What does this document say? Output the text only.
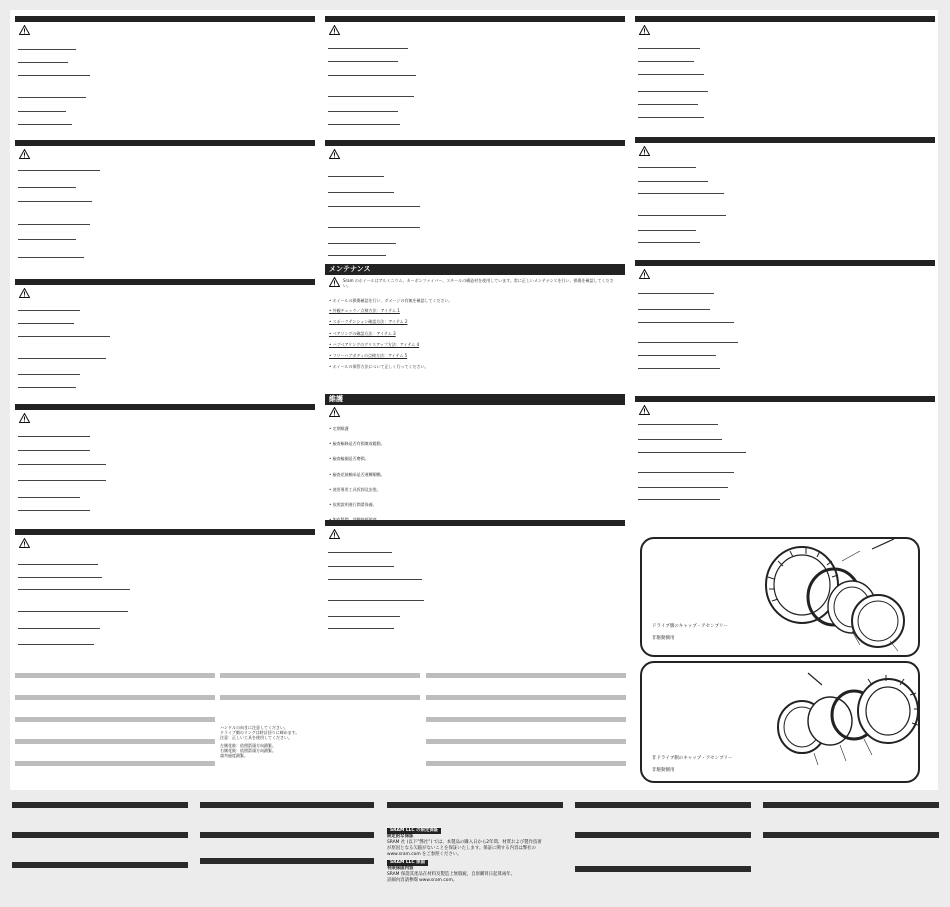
メンテナンス
Sram のホイールはアルミニウム、カーボンファイバー、スチールの構造材を使用しています。常に正しいメンテナンスを行い、損傷を確認してください。
• ホイールの損傷確認を行い、ダメージの有無を確認してください。
• 外観チェック／点検方法：アイテム 1
• スポークテンション確認方法：アイテム 2
• ベアリングの確認方法：アイテム 3
• ハブベアリングのグリスアップ方法：アイテム 4
• フリーハブボディの点検方法：アイテム 5
• ホイールの保管方法について正しく行ってください。
維護
• 定期維護
• 檢查輻條是否有損壞或鬆動。
• 檢查輪圈是否磨損。
• 檢查花鼓軸承是否運轉順暢。
• 使用專用工具拆卸及安裝。
• 依照說明進行潤滑保養。
ドライブ側のキャップ・アセンブリー
非駆動側用
非ドライブ側のキャップ・アセンブリー
非駆動側用
ハンドルの向きに注意してください。
ドライブ側のリングは時計回りに締めます。
注意：正しい工具を使用してください。
左側花鼓：依照箭頭方向鎖緊。
右側花鼓：依照箭頭方向鎖緊。
請勿過度鎖緊。
SRAM LLC の限定保証
限定的な保証
SRAM 社 (以下”弊社”) では、本製品の購入日から2年間、材質および製作技術
が原因となる欠陥がないことを保証いたします。保証に関する内容は弊社の
www.sram.com をご参照ください。
SRAM LLC 保固
有限保固內容
SRAM 保證其產品在材料及製造上無瑕疵，自原購買日起算兩年。
詳細內容請參閱 www.sram.com。
